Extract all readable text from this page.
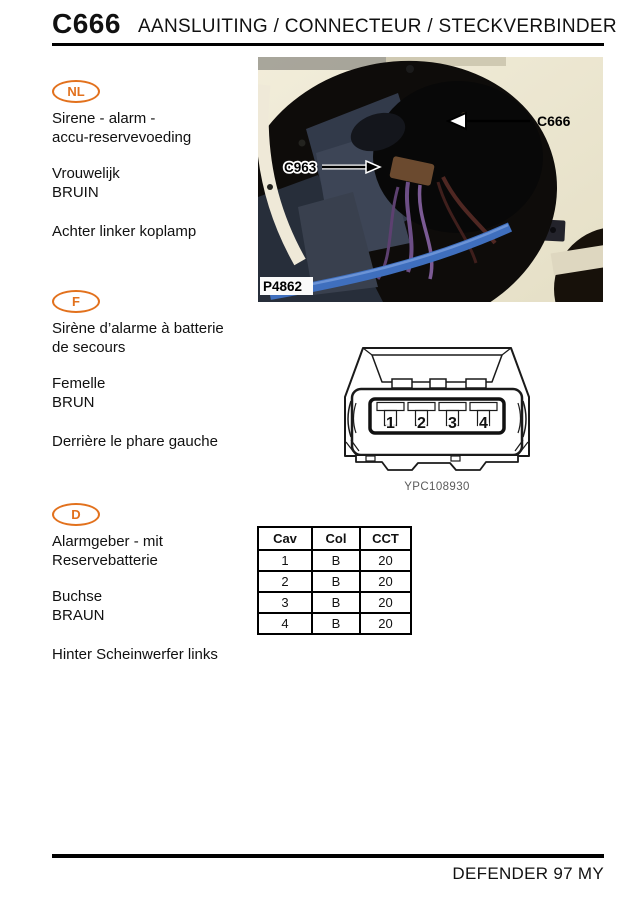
C666 AANSLUITING / CONNECTEUR / STECKVERBINDER
C963
C666
P4862
NL

Sirene - alarm -
accu-reservevoeding

Vrouwelijk
BRUIN

Achter linker koplamp

F

Sirène d’alarme à batterie
de secours

Femelle
BRUN

Derrière le phare gauche

D

Alarmgeber - mit
Reservebatterie

Buchse
BRAUN

Hinter Scheinwerfer links

1 2 3 4
YPC108930
Cav	Col	CCT
1	B	20
2	B	20
3	B	20
4	B	20
DEFENDER 97 MY
